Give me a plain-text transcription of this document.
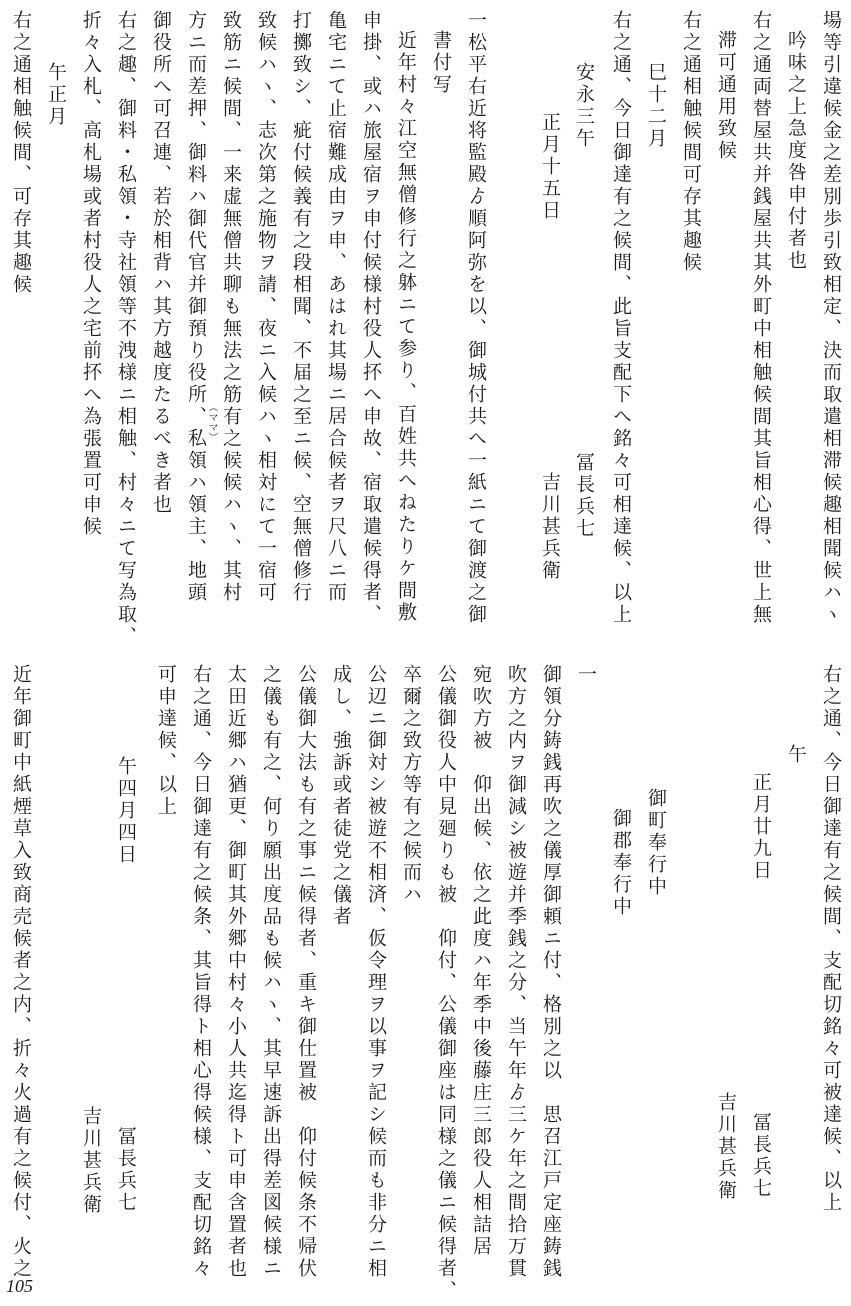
場等引違候金之差別歩引致相定、決而取遣相滞候趣相聞候ハヽ
吟味之上急度咎申付者也
右之通両替屋共并銭屋共其外町中相触候間其旨相心得、世上無
滞可通用致候
右之通相触候間可存其趣候
巳十二月
右之通、今日御達有之候間、此旨支配下へ銘々可相達候、以上
安永三午
正月十五日
冨長兵七
吉川甚兵衛
一松平右近将監殿ゟ順阿弥を以、御城付共へ一紙ニて御渡之御
書付写
近年村々江空無僧修行之躰ニて参り、百姓共へねたりケ間敷
申掛、或ハ旅屋宿ヲ申付候様村役人抔へ申故、宿取遣候得者、
亀宅ニて止宿難成由ヲ申、あはれ其場ニ居合候者ヲ尺八ニ而
打擲致シ、疵付候義有之段相聞、不届之至ニ候、空無僧修行
致候ハヽ、志次第之施物ヲ請、夜ニ入候ハヽ相対にて一宿可
致筋ニ候間、一来虚無僧共聊も無法之筋有之候候ハヽ、其村
（ママ）
方ニ而差押、御料ハ御代官并御預り役所、私領ハ領主、地頭
御役所へ可召連、若於相背ハ其方越度たるべき者也
右之趣、御料・私領・寺社領等不洩様ニ相触、村々ニて写為取、
折々入札、高札場或者村役人之宅前抔へ為張置可申候
午正月
右之通相触候間、可存其趣候
右之通、今日御達有之候間、支配切銘々可被達候、以上
午
正月廿九日
冨長兵七
吉川甚兵衛
御町奉行中
御郡奉行中
一
御領分鋳銭再吹之儀厚御頼ニ付、格別之以　思召江戸定座鋳銭
吹方之内ヲ御減シ被遊并季銭之分、当午年ゟ三ケ年之間拾万貫
宛吹方被　仰出候、依之此度ハ年季中後藤庄三郎役人相詰居
公儀御役人中見廻りも被　仰付、公儀御座は同様之儀ニ候得者、
卒爾之致方等有之候而ハ
公辺ニ御対シ被遊不相済、仮令理ヲ以事ヲ記シ候而も非分ニ相
成し、強訴或者徒党之儀者
公儀御大法も有之事ニ候得者、重キ御仕置被　仰付候条不帰伏
之儀も有之、何り願出度品も候ハヽ、其早速訴出得差図候様ニ
太田近郷ハ猶更、御町其外郷中村々小人共迄得ト可申含置者也
右之通、今日御達有之候条、其旨得ト相心得候様、支配切銘々
可申達候、以上
午四月四日
冨長兵七
吉川甚兵衛
近年御町中紙煙草入致商売候者之内、折々火過有之候付、火之
105
